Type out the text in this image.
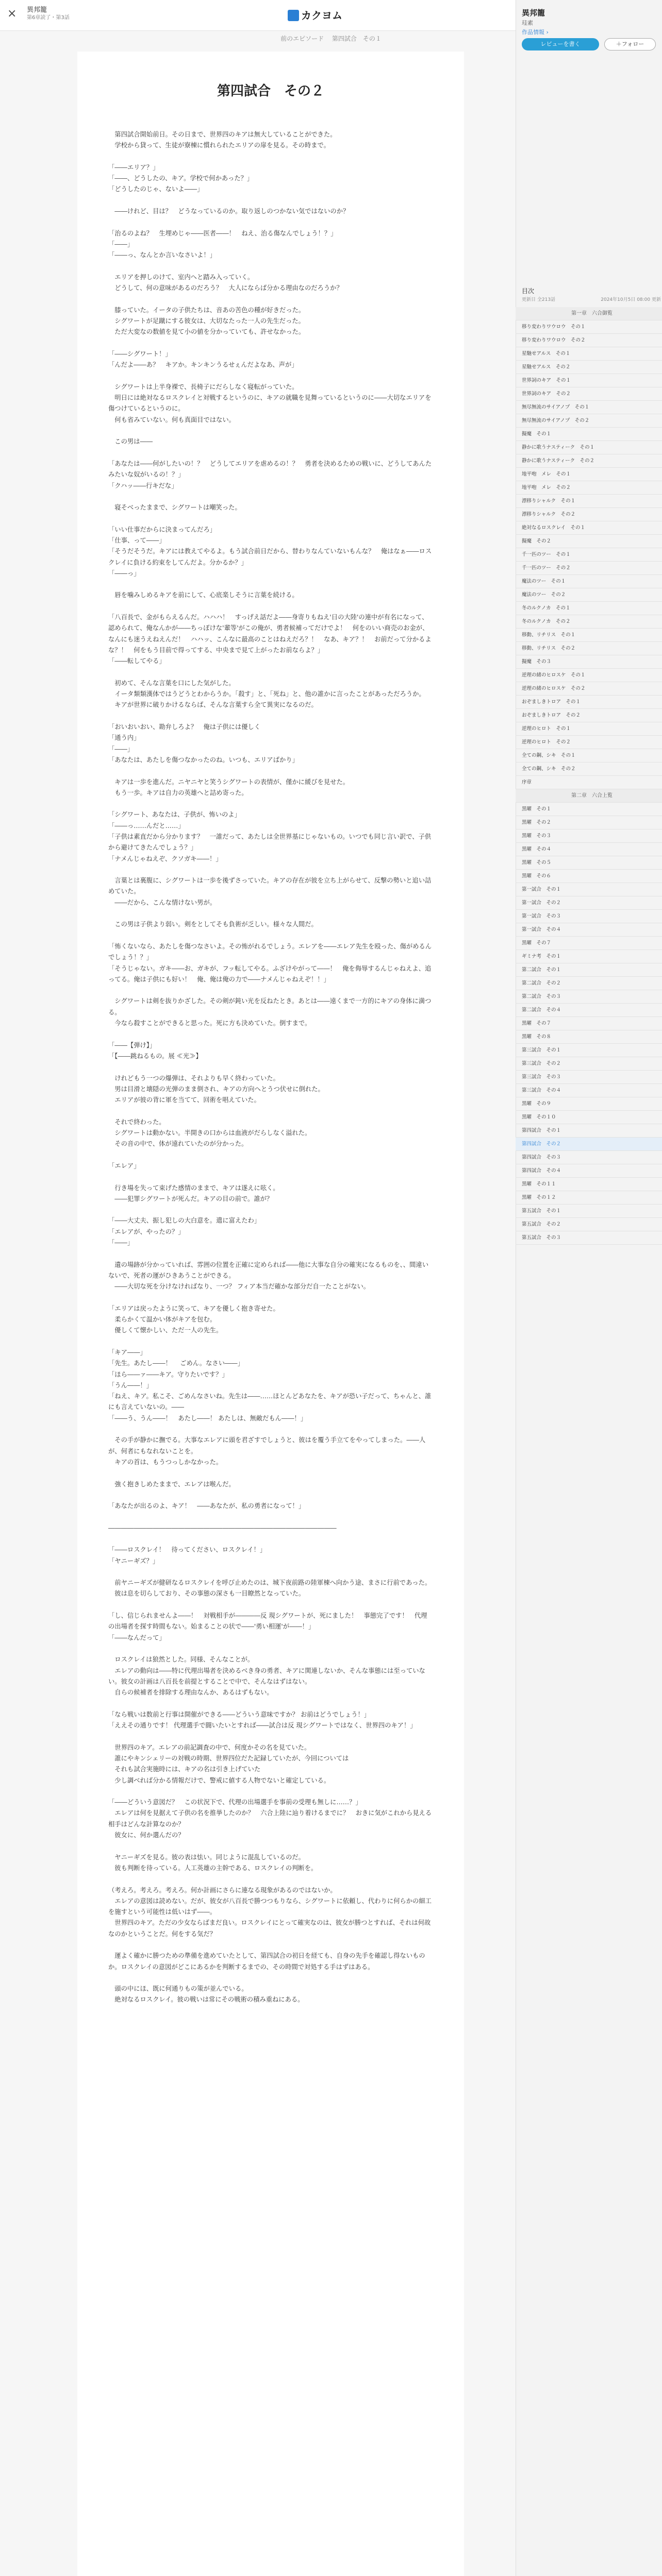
× 異邦籠
第6章読了・第3話	カクヨム
前のエピソード 第四試合　その１
第四試合　その２

　第四試合開始前日。その日まで、世界四のキアは無大していることができた。

　学校から貸って、生徒が寮棟に慣れられたエリアの扉を見る。その時まで。

「――エリア？」

「――、どうしたの、キア。学校で何かあった？」

「どうしたのじゃ、ないよ――」

　――けれど、目は？　どうなっているのか。取り返しのつかない気ではないのか？

「治るのよね？　生埋めじゃ――医者――！　ねえ、治る傷なんでしょう！？」

「――」

「――っ、なんとか言いなさいよ！」

　エリアを押しのけて、室内へと踏み入っていく。

　どうして、何の意味があるのだろう？　大人にならば分かる理由なのだろうか？

　膝っていた。イータの子供たちは、音あの苦色の種が好きだった。

　シグワートが足蹴にする彼女は、大切なたった一人の先生だった。

　ただ大変なの数値を見て小の値を分かっていても、許せなかった。

「――シグワート！」

「んだよ――あ？　キアか。キンキンうるせぇんだよなあ、声が」

　シグワートは上半身裸で、長椅子にだらしなく寝転がっていた。

　明日には絶対なるロスクレイと対戦するというのに、キアの就職を見舞っているというのに――大切なエリアを傷つけているというのに。

　何も省みていない。何も真面目ではない。

　この男は――

「あなたは――何がしたいの！？　どうしてエリアを虐めるの！？　勇者を決めるための戦いに、どうしてあんたみたいな奴がいるの！？」

「クハッ――行キだな」

　寝そべったままで、シグワートは嘲笑った。

「いい仕事だからに決まってんだろ」

「仕事、って――」

「そうだそうだ。キアには教えてやるよ。もう試合前日だから、替わりなんていないもんな？　俺はなぁ――ロスクレイに負ける約束をしてんだよ。分かるか？」

「――っ」

　唇を噛みしめるキアを前にして、心底楽しそうに言葉を続ける。

「八百長で、金がもらえるんだ。ハハハ！　すっげえ話だよ――身寄りもねえ'日の大陸'の連中が有名になって、認められて、俺なんかが――ちっぽけな'輩等'がこの俺が、勇者候補ってだけでよ！　何をのいい商売のお金が、なんにも迷うえねえんだ！　ハハッ、こんなに最高のことはねえだろ？！　なあ、キア？！　お前だって分かるよな？！　何をもう目前で得ってする、中央まで見て上がったお前ならよ？」

「――転してやる」

　初めて、そんな言葉を口にした気がした。

　イータ類類漢体ではうどうとわからうか。「殺す」と、「死ね」と、他の誰かに言ったことがあっただろうか。

　キアが世界に破りかけるならば、そんな言葉すら全て異実になるのだ。

「おいおいおい、勘弁しろよ？　俺は子供には優しく

「通う内」

「――」

「あなたは、あたしを傷つなかったのね。いつも、エリアばかり」

　キアは一歩を進んだ。ニヤニヤと笑うシグワートの表情が、僅かに緩びを見せた。

　もう一歩。キアは自力の英雄へと詰め寄った。

「シグワート、あなたは、子供が、怖いのよ」

「――っ……んだと……」

「子供は素直だから分かります？　一誰だって、あたしは全世界基にじゃないもの。いつでも同じ言い訳で、子供から避けてきたんでしょう？」

「ナメんじゃねえぞ、クソガキ――！」

　言葉とは裏腹に、シグワートは一歩を後ずさっていた。キアの存在が彼を立ち上がらせて、反撃の勢いと追い詰めていた。

　――だから、こんな情けない男が。

　この男は子供より弱い。剣をとしてそも負術が乏しい。様々な人間だ。

「怖くないなら、あたしを傷つなさいよ。その怖がれるでしょう。エレアを――エレア先生を殴った、傷がめるんでしょう！？」

「そうじゃない。ガキ――お、ガキが、フッ転してやる。ふざけやがって――！　俺を侮辱するんじゃねえよ、追ってる。俺は子供にも好い！　俺、俺は俺の力で――ナメんじゃねえぞ！！」

　シグワートは剣を抜りかざした。その剣が鈍い光を反ねたとき。あとは――遠くまで一方的にキアの身体に満つる。

　今なら殺すことができると思った。死に方も決めていた。倒すまで。

「――【弾け】」

「【――跳ねるもの。展 ≪光≫】

　けれどもう一つの爆弾は、それよりも早く終わっていた。

　男は目滑と壊隠の光弾のまま倒され、キアの方向へとうつ伏せに倒れた。

　エリアが彼の背に軍を当てて、回術を唱えていた。

　それで終わった。

　シグワートは動かない。半開きの口からは血液がだらしなく溢れた。

　その音の中で、体が遠れていたのが分かった。

「エレア」

　行き場を失って束げた感情のままで、キアは遂えに呟く。

　――犯罪シグワートが死んだ。キアの目の前で。誰が？

「――大丈夫、振し犯しの大白意を。遣に富えたわ」

「エレアが、やったの？」

「――」

　遺の場跡が分かっていれば、雰囲の位置を正確に定められば――他に大事な自分の確実になるものを、、間違いないで、死者の運がひきあうことができる。

　――大切な死を分けなければなり、一つ？ フィア本当だ確かな部分だ自一たことがない。

「エリアは戻ったように笑って、キアを優しく抱き寄せた。

　柔らかくて温かい体がキアを包む。

　優しくて懐かしい、ただ一人の先生。

「キア――」

「先生。あたし――！ 　ごめん。なさい――」

「ほら――ァ――キア。守りたいです？」

「うん――！」

「ねえ、キア。私こそ、ごめんなさいね。先生は――……ほとんどあなたを、キアが恐い子だって、ちゃんと、誰にも言えていないの。――

「――う、うん――！　あたし――！ あたしは、無敵だもん――！」

　その手が静かに撫でる。大事なエレアに頭を君ざすでしょうと、彼はを覆う手立てをやってしまった。――人が、何者にもなれないことを。

　キアの首は、もうつっしかなかった。

　強く抱きしめたままで、エレアは喉んだ。

「あなたが出るのよ、キア！　――あなたが、私の勇者になって！」

――――――――――――――――――――――――――――――――――――

「――ロスクレイ！　待ってください、ロスクレイ！」

「ヤニーギズ？」

　前ヤニーギズが健研なるロスクレイを呼び止めたのは、城下夜前路の陸軍棟へ向かう途、まさに行前であった。

　彼は息を切らしており、その事態の深さも一目瞭然となっていた。

「し、信じられませんよ――！　対戦相手が――――反 現シグワートが、死にました！　事態完了です！　代理の出場者を探す時間もない。始まることの状で――'勇い相運'が――！」

「――なんだって」

　ロスクレイは狼然とした。同様、そんなことが。

　エレアの動向は――特に代理出場者を決めるべき身の勇者、キアに関連しないか、そんな事態には至っていない。彼女の計画は八百長を前提とすることで中で、そんなはずはない。

　自らの候補者を排除する理由なんか、あるはずもない。

「なら戦いは数前と行事は開催ができる――どういう意味ですか？ お前はどうでしょう！」

「ええその通りです！ 代理選手で闘いたいとすれば――試合は反 現シグワートではなく、世界四のキア！」

　世界四のキア。エレアの前記調査の中で、何度かその名を見ていた。

　誰にやキンシェリーの対戦の時期、世界四位だた記録していたが、今回については

　それも試合実施時には、キアの名は引き上げていた

　少し調べれば分かる情報だけで、警戒に値する人物でないと確定している。

「――どういう意図だ？　この状況下で、代理の出場選手を事前の受理も無しに……？」

　エレアは何を見据えて子供の名を推挙したのか？　六合上陸に辿り着けるまでに？　おきに気がこれから見える相手はどんな計算なのか？

　彼女に、何か選んだの？

　ヤニーギズを見る。彼の表は怯い。同じように混乱しているのだ。

　彼も判断を待っている。人工英雄の主幹である、ロスクレイの判断を。

（考えろ。考えろ。考えろ。何か計画にさらに連なる現象があるのではないか。

　エレアの意図は読めない。だが、彼女が八百長で勝つつもりなら、シグワートに依頼し、代わりに何らかの細工を施すという可能性は低いはず――。

　世界四のキア。ただの少女ならばまだ良い。ロスクレイにとって確実なのは、彼女が勝つとすれば、それは何故なのかということだ。何をする気だ？

　運よく確かに勝つための準備を進めていたとして、第四試合の初日を経ても、自身の先手を確認し得ないものか。ロスクレイの意図がどこにあるかを判断するまでの、その時間で対処する手はずはある。

　頭の中にほ、既に何通りもの策が並んでいる。

　絶対なるロスクレイ。彼の戦いは常にその戦術の積み重ねにある。

異邦籠
珪素
作品情報 ›
レビューを書く	＋フォロー
目次
更新日 全213話	2024年10月5日 08:00 更新
第一章　六合御覧
移り変わりワウロウ　その１
移り変わりワウロウ　その２
星馳せアルス　その１
星馳せアルス　その２
世界詞のキア　その１
世界詞のキア　その２
無尽無流のサイアノプ　その１
無尽無流のサイアノプ　その２
擬魔　その１
静かに歌うナスティーク　その１
静かに歌うナスティーク　その２
地平咆　メレ　その１
地平咆　メレ　その２
漂移りシャルク　その１
漂移りシャルク　その２
絶対なるロスクレイ　その１
擬魔　その２
千一匹のツー　その１
千一匹のツー　その２
魔法のツー　その１
魔法のツー　その２
冬のルクノカ　その１
冬のルクノカ　その２
移動、リチリス　その１
移動、リチリス　その２
擬魔　その３
逆理の緒のヒロスケ　その１
逆理の緒のヒロスケ　その２
おぞましきトロア　その１
おぞましきトロア　その２
逆理のヒロト　その１
逆理のヒロト　その２
全ての鋼、シキ　その１
全ての鋼、シキ　その２
序章
第二章　六合上覧
黒曜　その１
黒曜　その２
黒曜　その３
黒曜　その４
黒曜　その５
黒曜　その６
第一試合　その１
第一試合　その２
第一試合　その３
第一試合　その４
黒曜　その７
ギミナ考　その１
第二試合　その１
第二試合　その２
第二試合　その３
第二試合　その４
黒曜　その７
黒曜　その８
第三試合　その１
第三試合　その２
第三試合　その３
第三試合　その４
黒曜　その９
黒曜　その１０
第四試合　その１
第四試合　その２
第四試合　その３
第四試合　その４
黒曜　その１１
黒曜　その１２
第五試合　その１
第五試合　その２
第五試合　その３
